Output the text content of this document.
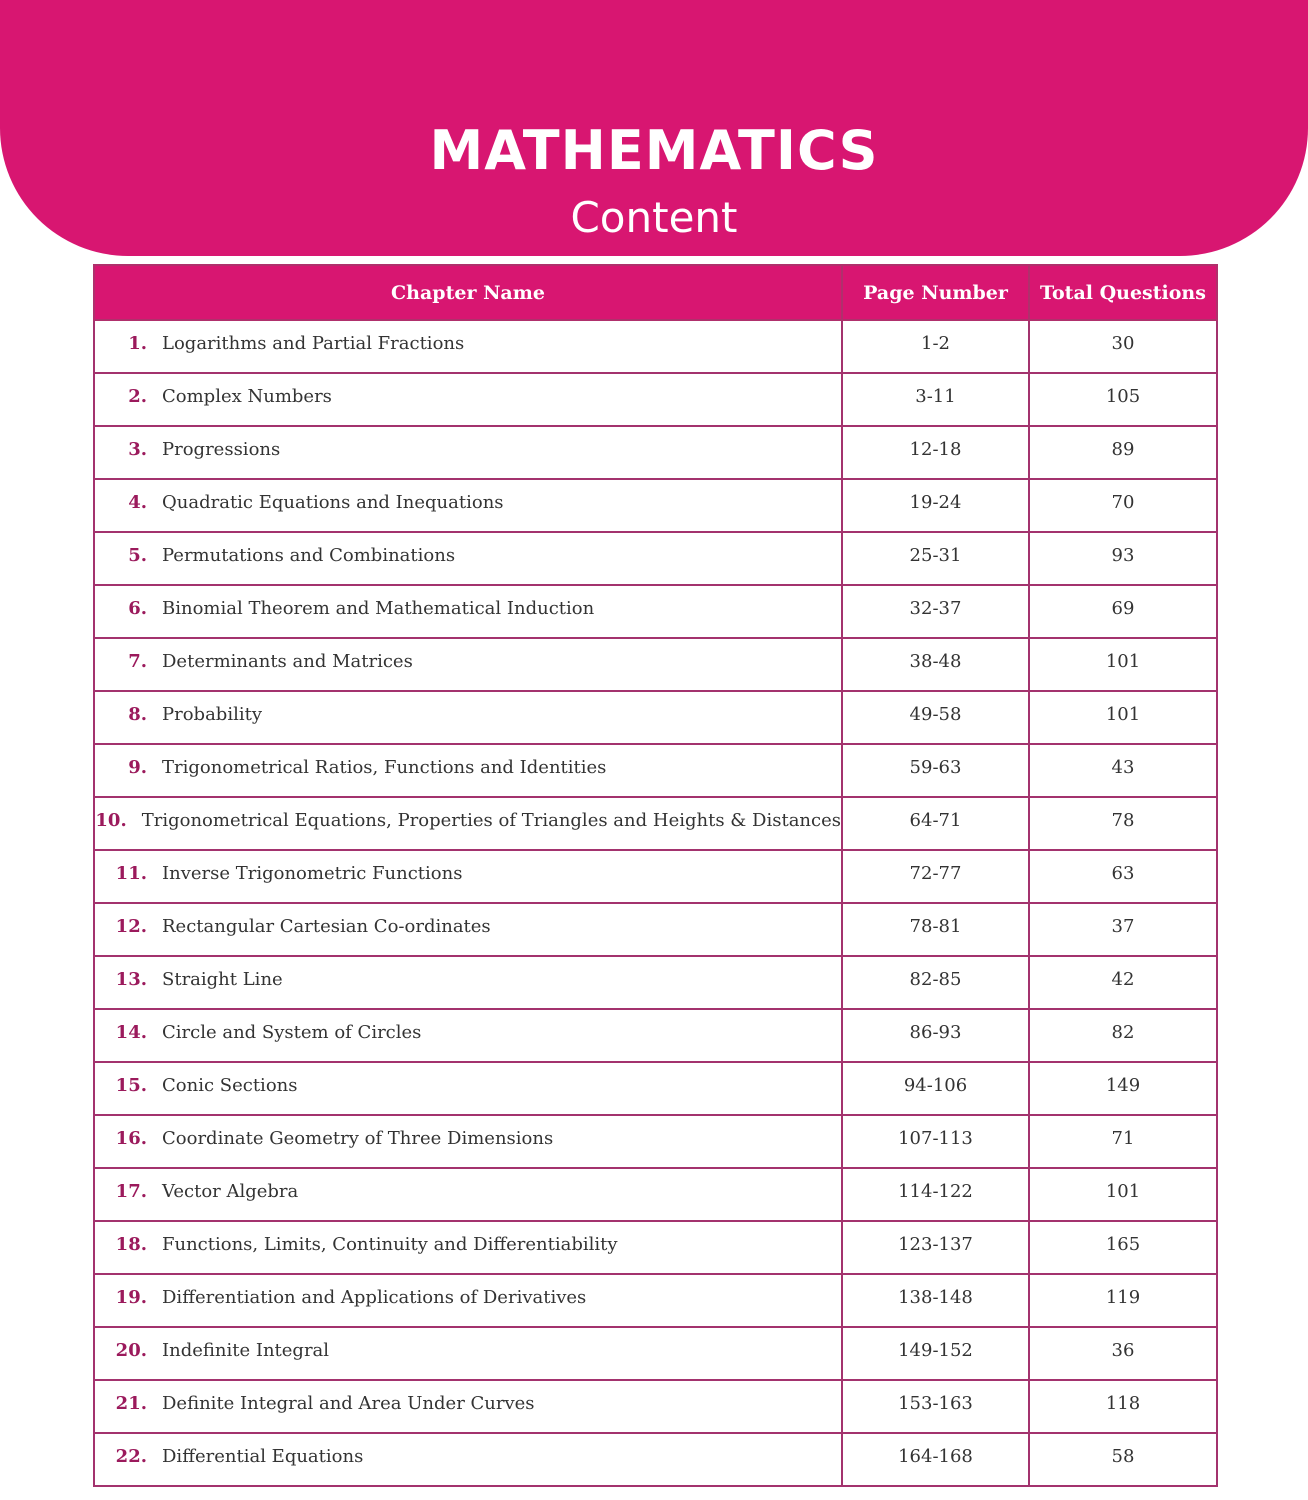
MATHEMATICS
Content
Chapter Name	Page Number	Total Questions

1. Logarithms and Partial Fractions	1-2	30

2. Complex Numbers	3-11	105

3. Progressions	12-18	89

4. Quadratic Equations and Inequations	19-24	70

5. Permutations and Combinations	25-31	93

6. Binomial Theorem and Mathematical Induction	32-37	69

7. Determinants and Matrices	38-48	101

8. Probability	49-58	101

9. Trigonometrical Ratios, Functions and Identities	59-63	43

10. Trigonometrical Equations, Properties of Triangles and Heights & Distances	64-71	78

11. Inverse Trigonometric Functions	72-77	63

12. Rectangular Cartesian Co-ordinates	78-81	37

13. Straight Line	82-85	42

14. Circle and System of Circles	86-93	82

15. Conic Sections	94-106	149

16. Coordinate Geometry of Three Dimensions	107-113	71

17. Vector Algebra	114-122	101

18. Functions, Limits, Continuity and Differentiability	123-137	165

19. Differentiation and Applications of Derivatives	138-148	119

20. Indefinite Integral	149-152	36

21. Definite Integral and Area Under Curves	153-163	118

22. Differential Equations	164-168	58
